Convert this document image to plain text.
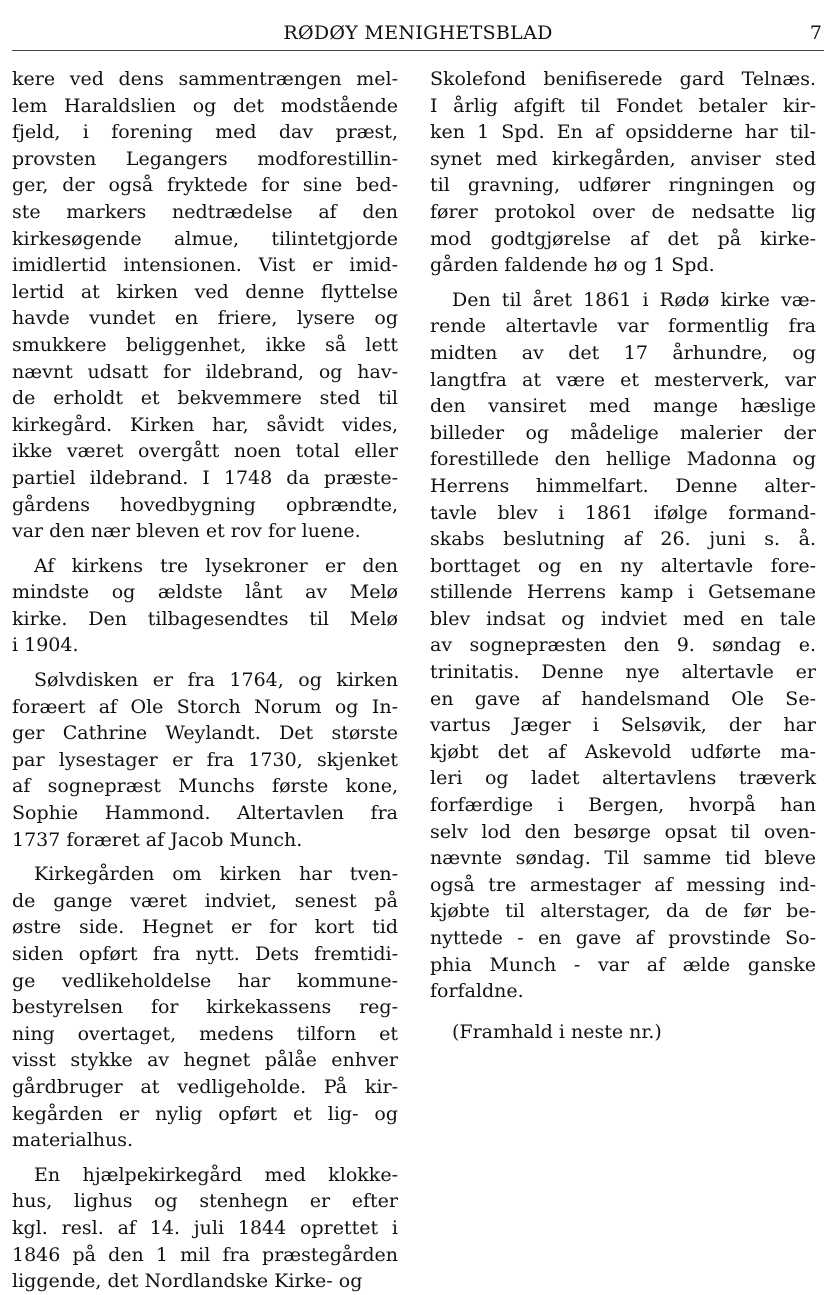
RØDØY MENIGHETSBLAD	7

kere ved dens sammentrængen mel-
lem Haraldslien og det modstående
fjeld, i forening med dav præst,
provsten Legangers modforestillin-
ger, der også fryktede for sine bed-
ste markers nedtrædelse af den
kirkesøgende almue, tilintetgjorde
imidlertid intensionen. Vist er imid-
lertid at kirken ved denne flyttelse
havde vundet en friere, lysere og
smukkere beliggenhet, ikke så lett
nævnt udsatt for ildebrand, og hav-
de erholdt et bekvemmere sted til
kirkegård. Kirken har, såvidt vides,
ikke været overgått noen total eller
partiel ildebrand. I 1748 da præste-
gårdens hovedbygning opbrændte,
var den nær bleven et rov for luene.

Af kirkens tre lysekroner er den
mindste og ældste lånt av Melø
kirke. Den tilbagesendtes til Melø
i 1904.

Sølvdisken er fra 1764, og kirken
foræert af Ole Storch Norum og In-
ger Cathrine Weylandt. Det største
par lysestager er fra 1730, skjenket
af sognepræst Munchs første kone,
Sophie Hammond. Altertavlen fra
1737 foræret af Jacob Munch.

Kirkegården om kirken har tven-
de gange været indviet, senest på
østre side. Hegnet er for kort tid
siden opført fra nytt. Dets fremtidi-
ge vedlikeholdelse har kommune-
bestyrelsen for kirkekassens reg-
ning overtaget, medens tilforn et
visst stykke av hegnet pålåe enhver
gårdbruger at vedligeholde. På kir-
kegården er nylig opført et lig- og
materialhus.

En hjælpekirkegård med klokke-
hus, lighus og stenhegn er efter
kgl. resl. af 14. juli 1844 oprettet i
1846 på den 1 mil fra præstegården
liggende, det Nordlandske Kirke- og

Skolefond benifiserede gard Telnæs.
I årlig afgift til Fondet betaler kir-
ken 1 Spd. En af opsidderne har til-
synet med kirkegården, anviser sted
til gravning, udfører ringningen og
fører protokol over de nedsatte lig
mod godtgjørelse af det på kirke-
gården faldende hø og 1 Spd.

Den til året 1861 i Rødø kirke væ-
rende altertavle var formentlig fra
midten av det 17 århundre, og
langtfra at være et mesterverk, var
den vansiret med mange hæslige
billeder og mådelige malerier der
forestillede den hellige Madonna og
Herrens himmelfart. Denne alter-
tavle blev i 1861 ifølge formand-
skabs beslutning af 26. juni s. å.
borttaget og en ny altertavle fore-
stillende Herrens kamp i Getsemane
blev indsat og indviet med en tale
av sognepræsten den 9. søndag e.
trinitatis. Denne nye altertavle er
en gave af handelsmand Ole Se-
vartus Jæger i Selsøvik, der har
kjøbt det af Askevold udførte ma-
leri og ladet altertavlens træverk
forfærdige i Bergen, hvorpå han
selv lod den besørge opsat til oven-
nævnte søndag. Til samme tid bleve
også tre armestager af messing ind-
kjøbte til alterstager, da de før be-
nyttede - en gave af provstinde So-
phia Munch - var af ælde ganske
forfaldne.

(Framhald i neste nr.)
